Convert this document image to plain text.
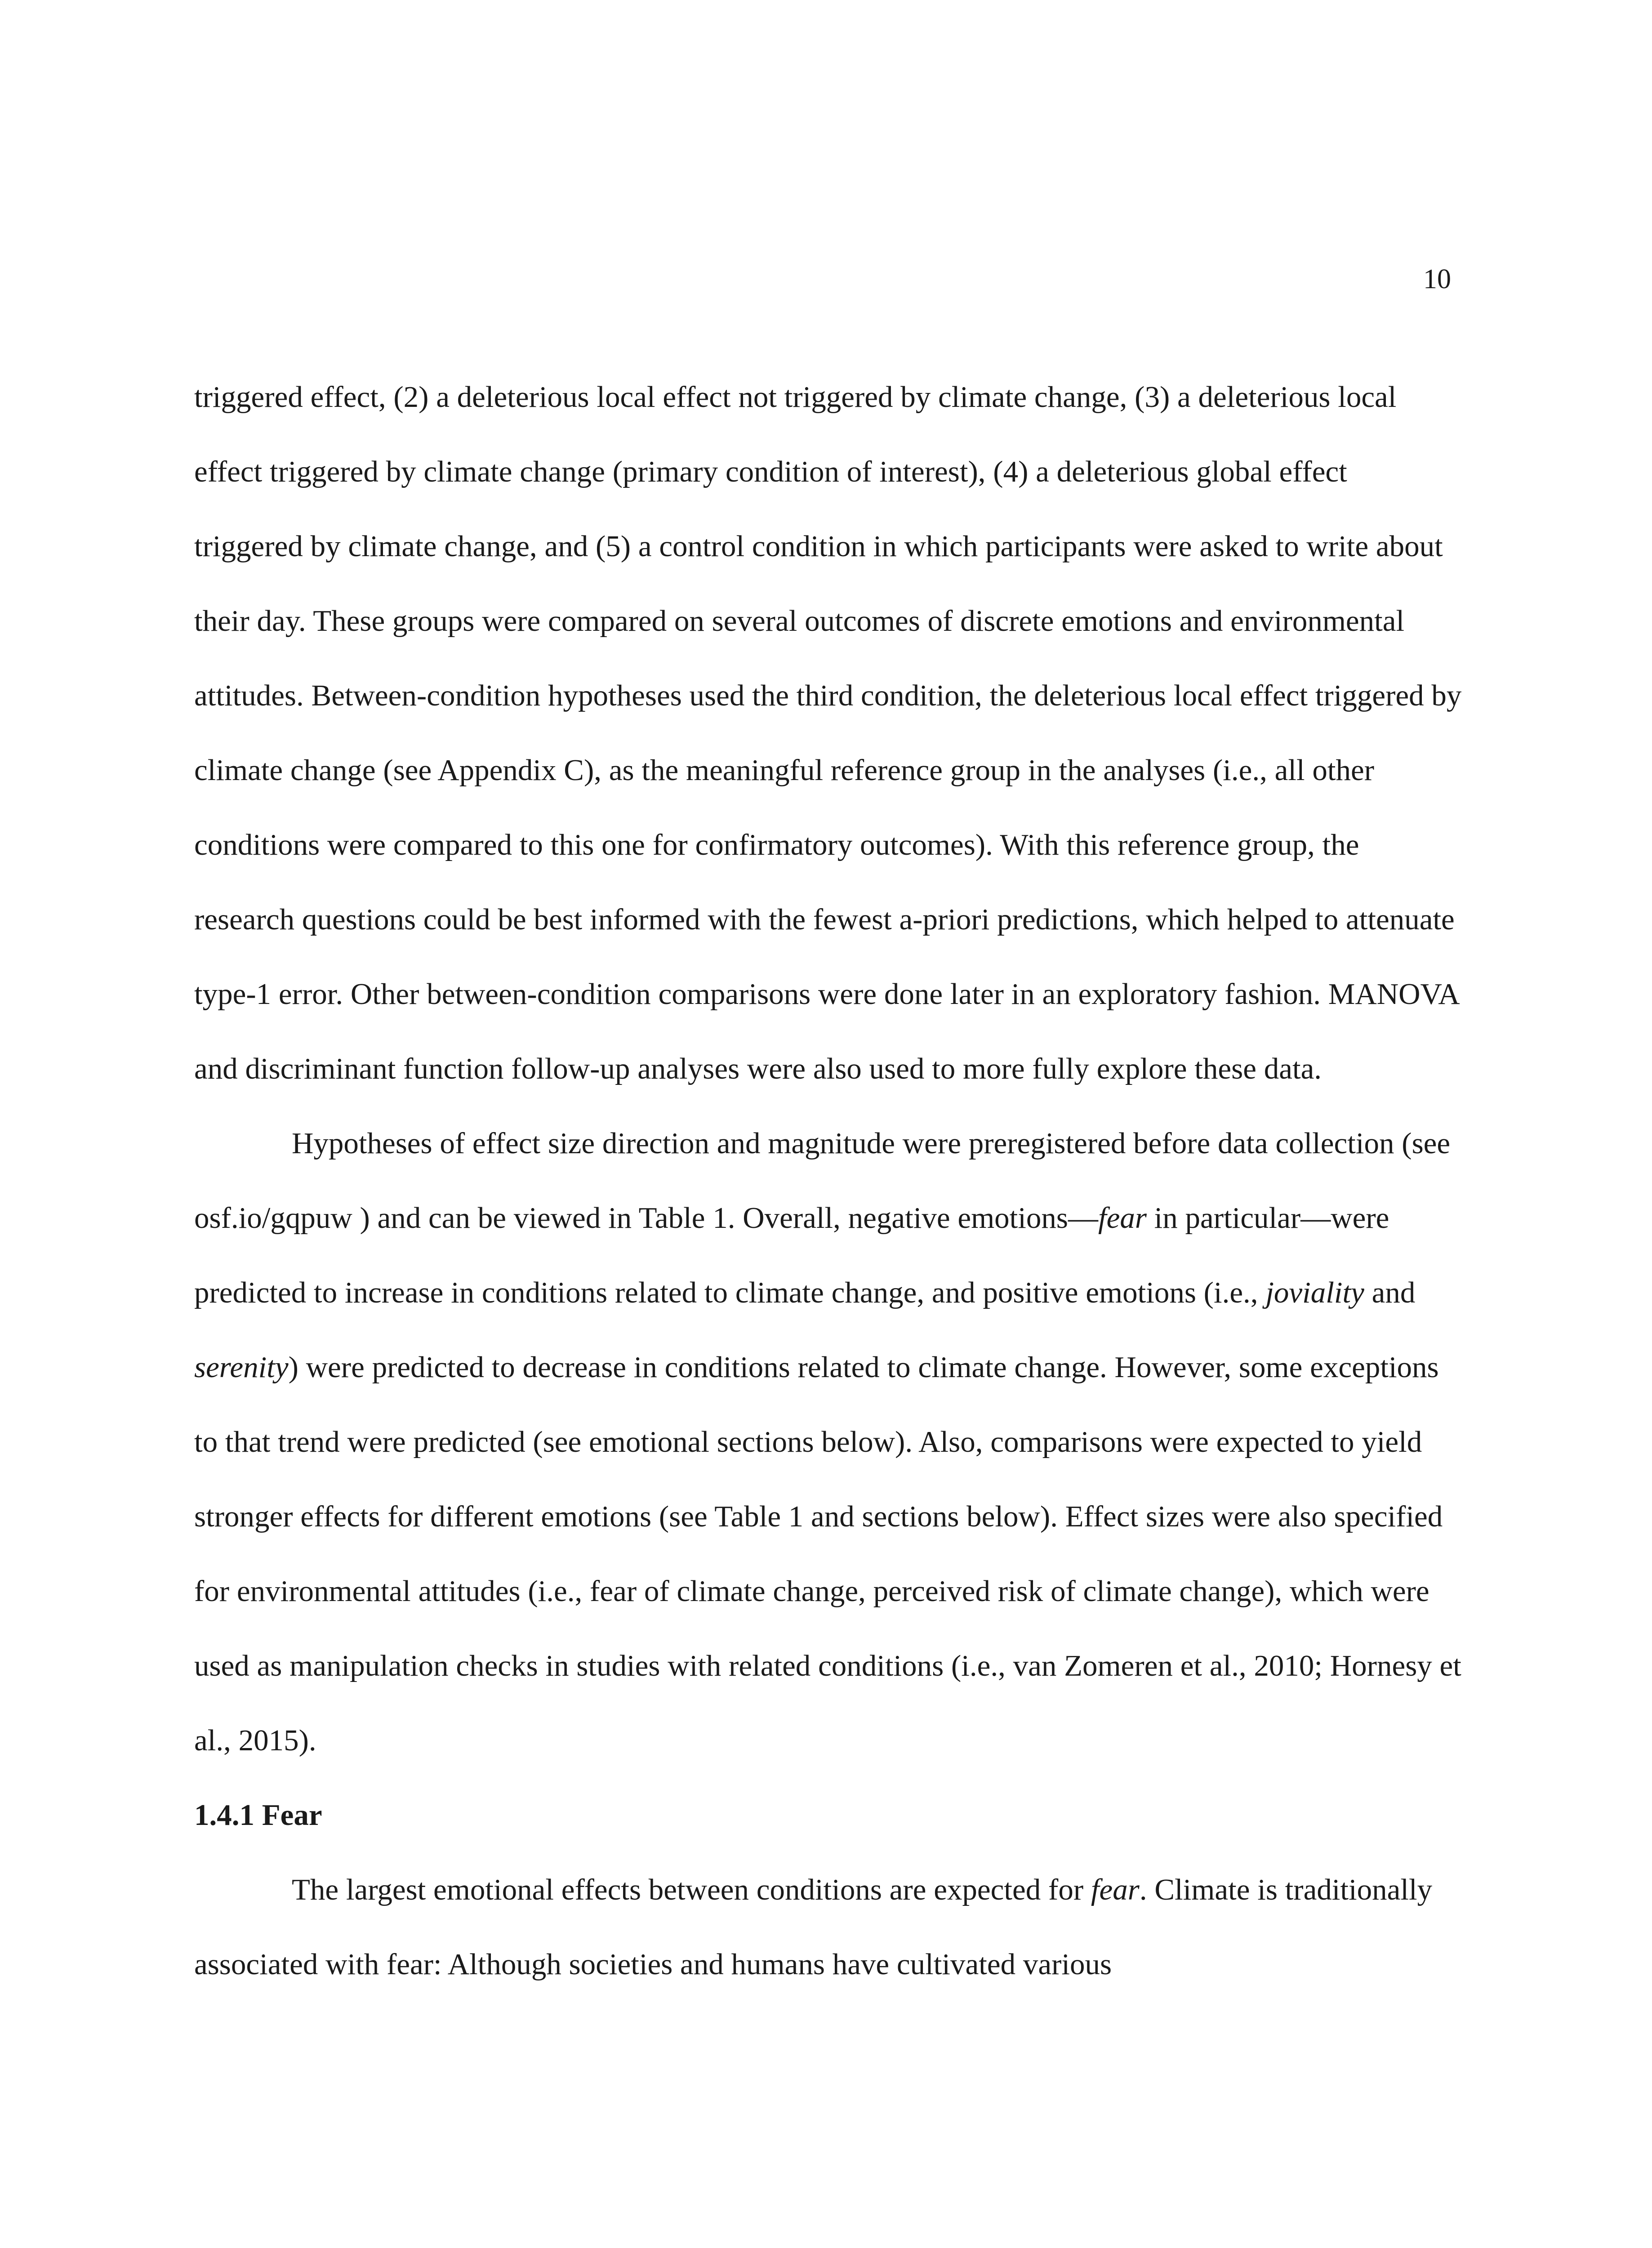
10

triggered effect, (2) a deleterious local effect not triggered by climate change, (3) a deleterious local effect triggered by climate change (primary condition of interest), (4) a deleterious global effect triggered by climate change, and (5) a control condition in which participants were asked to write about their day. These groups were compared on several outcomes of discrete emotions and environmental attitudes. Between-condition hypotheses used the third condition, the deleterious local effect triggered by climate change (see Appendix C), as the meaningful reference group in the analyses (i.e., all other conditions were compared to this one for confirmatory outcomes). With this reference group, the research questions could be best informed with the fewest a-priori predictions, which helped to attenuate type-1 error. Other between-condition comparisons were done later in an exploratory fashion. MANOVA and discriminant function follow-up analyses were also used to more fully explore these data.

Hypotheses of effect size direction and magnitude were preregistered before data collection (see osf.io/gqpuw ) and can be viewed in Table 1. Overall, negative emotions—fear in particular—were predicted to increase in conditions related to climate change, and positive emotions (i.e., joviality and serenity) were predicted to decrease in conditions related to climate change. However, some exceptions to that trend were predicted (see emotional sections below). Also, comparisons were expected to yield stronger effects for different emotions (see Table 1 and sections below). Effect sizes were also specified for environmental attitudes (i.e., fear of climate change, perceived risk of climate change), which were used as manipulation checks in studies with related conditions (i.e., van Zomeren et al., 2010; Hornesy et al., 2015).

1.4.1 Fear

The largest emotional effects between conditions are expected for fear. Climate is traditionally associated with fear: Although societies and humans have cultivated various
